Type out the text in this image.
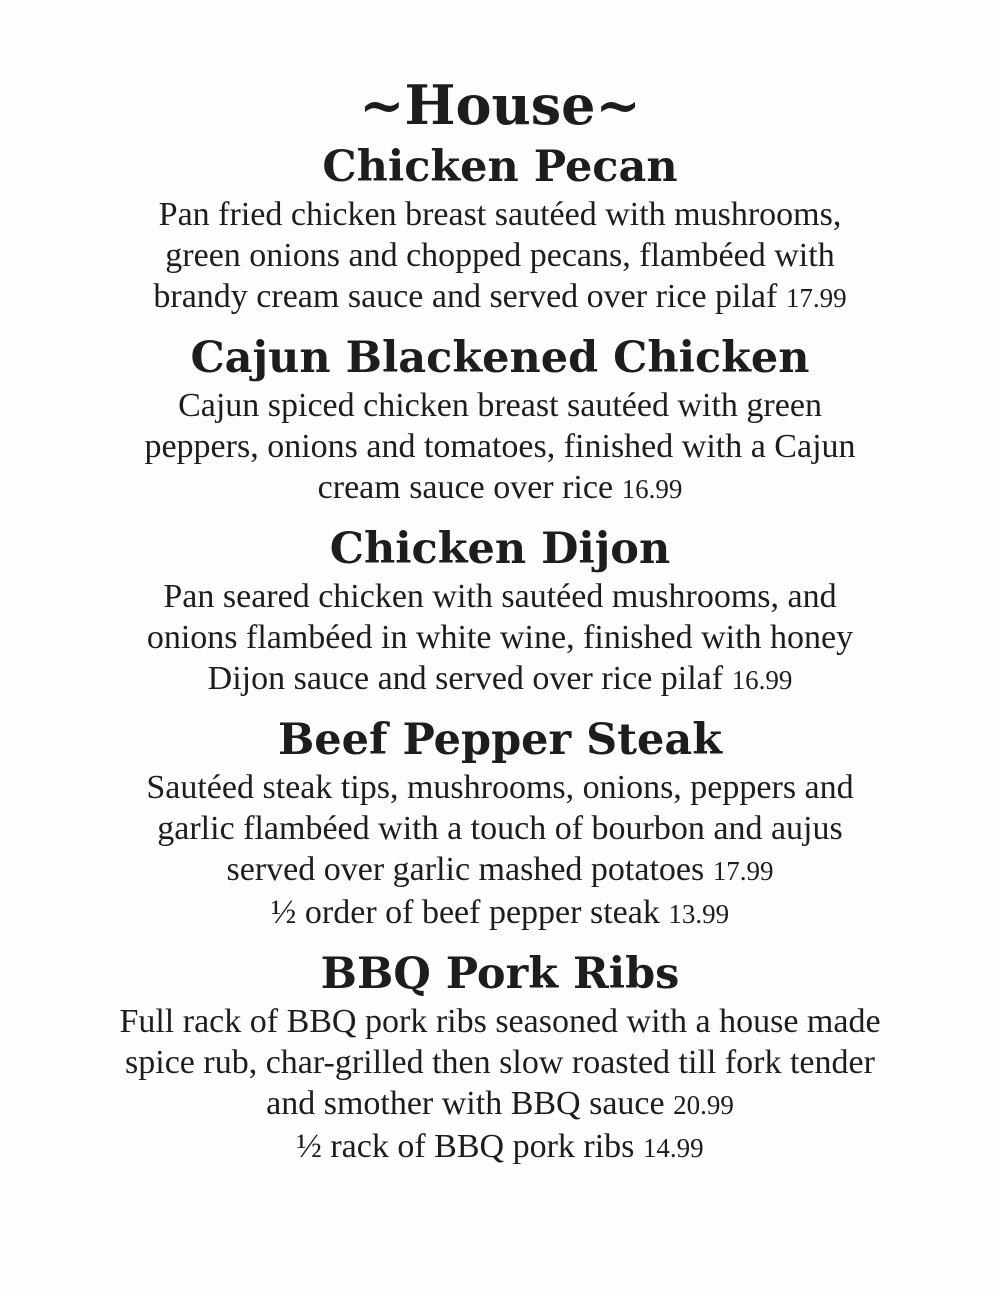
~House~
Chicken Pecan
Pan fried chicken breast sautéed with mushrooms,
green onions and chopped pecans, flambéed with
brandy cream sauce and served over rice pilaf 17.99
Cajun Blackened Chicken
Cajun spiced chicken breast sautéed with green
peppers, onions and tomatoes, finished with a Cajun
cream sauce over rice 16.99
Chicken Dijon
Pan seared chicken with sautéed mushrooms, and
onions flambéed in white wine, finished with honey
Dijon sauce and served over rice pilaf 16.99
Beef Pepper Steak
Sautéed steak tips, mushrooms, onions, peppers and
garlic flambéed with a touch of bourbon and aujus
served over garlic mashed potatoes 17.99
½ order of beef pepper steak 13.99
BBQ Pork Ribs
Full rack of BBQ pork ribs seasoned with a house made
spice rub, char-grilled then slow roasted till fork tender
and smother with BBQ sauce 20.99
½ rack of BBQ pork ribs 14.99
